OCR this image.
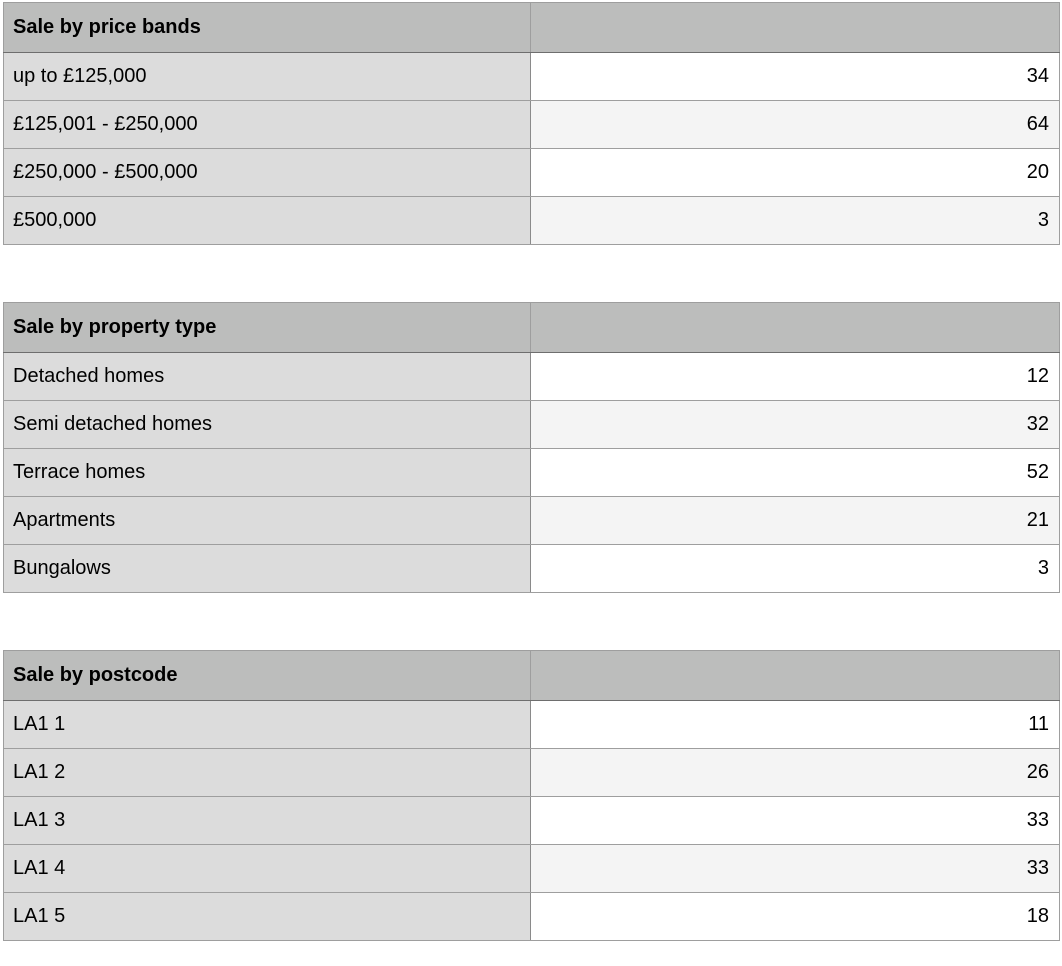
Sale by price bands	
up to £125,000	34
£125,001 - £250,000	64
£250,000 - £500,000	20
£500,000	3
Sale by property type	
Detached homes	12
Semi detached homes	32
Terrace homes	52
Apartments	21
Bungalows	3
Sale by postcode	
LA1 1	11
LA1 2	26
LA1 3	33
LA1 4	33
LA1 5	18
